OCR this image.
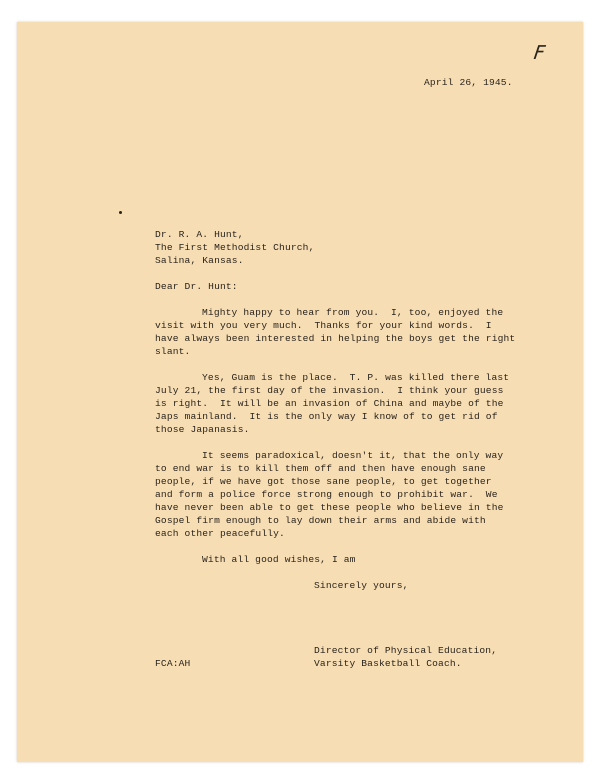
F
April 26, 1945.
Dr. R. A. Hunt,
The First Methodist Church,
Salina, Kansas.
Dear Dr. Hunt:
Mighty happy to hear from you.  I, too, enjoyed the
visit with you very much.  Thanks for your kind words.  I
have always been interested in helping the boys get the right
slant.
Yes, Guam is the place.  T. P. was killed there last
July 21, the first day of the invasion.  I think your guess
is right.  It will be an invasion of China and maybe of the
Japs mainland.  It is the only way I know of to get rid of
those Japanasis.
It seems paradoxical, doesn't it, that the only way
to end war is to kill them off and then have enough sane
people, if we have got those sane people, to get together
and form a police force strong enough to prohibit war.  We
have never been able to get these people who believe in the
Gospel firm enough to lay down their arms and abide with
each other peacefully.
With all good wishes, I am
Sincerely yours,
Director of Physical Education,
Varsity Basketball Coach.
FCA:AH
